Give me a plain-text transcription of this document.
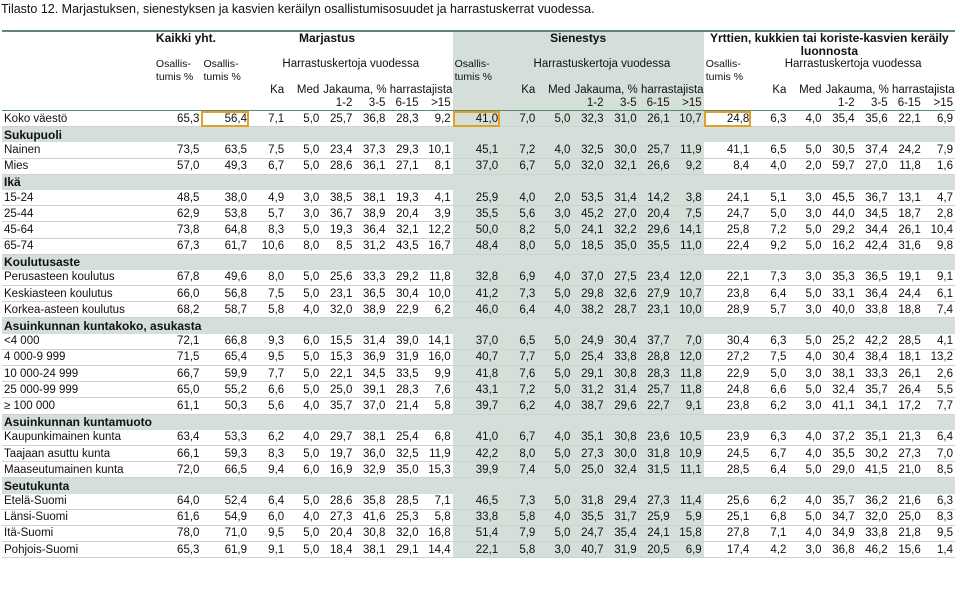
Tilasto 12. Marjastuksen, sienestyksen ja kasvien keräilyn osallistumisosuudet ja harrastuskerrat vuodessa.
	Kaikki yht.	Marjastus							Sienestys							Yrttien, kukkien tai koriste-kasvien keräily luonnosta						
	Osallis-tumis %	Osallis-tumis %	Harrastuskertoja vuodessa						Osallis-tumis %	Harrastuskertoja vuodessa						Osallis-tumis %	Harrastuskertoja vuodessa					
			Ka	Med	Jakauma, % harrastajista					Ka	Med	Jakauma, % harrastajista					Ka	Med	Jakauma, % harrastajista			
					1-2	3-5	6-15	>15				1-2	3-5	6-15	>15				1-2	3-5	6-15	>15
Koko väestö	65,3	56,4	7,1	5,0	25,7	36,8	28,3	9,2	41,0	7,0	5,0	32,3	31,0	26,1	10,7	24,8	6,3	4,0	35,4	35,6	22,1	6,9
Sukupuoli																						
Nainen	73,5	63,5	7,5	5,0	23,4	37,3	29,3	10,1	45,1	7,2	4,0	32,5	30,0	25,7	11,9	41,1	6,5	5,0	30,5	37,4	24,2	7,9
Mies	57,0	49,3	6,7	5,0	28,6	36,1	27,1	8,1	37,0	6,7	5,0	32,0	32,1	26,6	9,2	8,4	4,0	2,0	59,7	27,0	11,8	1,6
Ikä																						
15-24	48,5	38,0	4,9	3,0	38,5	38,1	19,3	4,1	25,9	4,0	2,0	53,5	31,4	14,2	3,8	24,1	5,1	3,0	45,5	36,7	13,1	4,7
25-44	62,9	53,8	5,7	3,0	36,7	38,9	20,4	3,9	35,5	5,6	3,0	45,2	27,0	20,4	7,5	24,7	5,0	3,0	44,0	34,5	18,7	2,8
45-64	73,8	64,8	8,3	5,0	19,3	36,4	32,1	12,2	50,0	8,2	5,0	24,1	32,2	29,6	14,1	25,8	7,2	5,0	29,2	34,4	26,1	10,4
65-74	67,3	61,7	10,6	8,0	8,5	31,2	43,5	16,7	48,4	8,0	5,0	18,5	35,0	35,5	11,0	22,4	9,2	5,0	16,2	42,4	31,6	9,8
Koulutusaste																						
Perusasteen koulutus	67,8	49,6	8,0	5,0	25,6	33,3	29,2	11,8	32,8	6,9	4,0	37,0	27,5	23,4	12,0	22,1	7,3	3,0	35,3	36,5	19,1	9,1
Keskiasteen koulutus	66,0	56,8	7,5	5,0	23,1	36,5	30,4	10,0	41,2	7,3	5,0	29,8	32,6	27,9	10,7	23,8	6,4	5,0	33,1	36,4	24,4	6,1
Korkea-asteen koulutus	68,2	58,7	5,8	4,0	32,0	38,9	22,9	6,2	46,0	6,4	4,0	38,2	28,7	23,1	10,0	28,9	5,7	3,0	40,0	33,8	18,8	7,4
Asuinkunnan kuntakoko, asukasta																						
<4 000	72,1	66,8	9,3	6,0	15,5	31,4	39,0	14,1	37,0	6,5	5,0	24,9	30,4	37,7	7,0	30,4	6,3	5,0	25,2	42,2	28,5	4,1
4 000-9 999	71,5	65,4	9,5	5,0	15,3	36,9	31,9	16,0	40,7	7,7	5,0	25,4	33,8	28,8	12,0	27,2	7,5	4,0	30,4	38,4	18,1	13,2
10 000-24 999	66,7	59,9	7,7	5,0	22,1	34,5	33,5	9,9	41,8	7,6	5,0	29,1	30,8	28,3	11,8	22,9	5,0	3,0	38,1	33,3	26,1	2,6
25 000-99 999	65,0	55,2	6,6	5,0	25,0	39,1	28,3	7,6	43,1	7,2	5,0	31,2	31,4	25,7	11,8	24,8	6,6	5,0	32,4	35,7	26,4	5,5
≥ 100 000	61,1	50,3	5,6	4,0	35,7	37,0	21,4	5,8	39,7	6,2	4,0	38,7	29,6	22,7	9,1	23,8	6,2	3,0	41,1	34,1	17,2	7,7
Asuinkunnan kuntamuoto																						
Kaupunkimainen kunta	63,4	53,3	6,2	4,0	29,7	38,1	25,4	6,8	41,0	6,7	4,0	35,1	30,8	23,6	10,5	23,9	6,3	4,0	37,2	35,1	21,3	6,4
Taajaan asuttu kunta	66,1	59,3	8,3	5,0	19,7	36,0	32,5	11,9	42,2	8,0	5,0	27,3	30,0	31,8	10,9	24,5	6,7	4,0	35,5	30,2	27,3	7,0
Maaseutumainen kunta	72,0	66,5	9,4	6,0	16,9	32,9	35,0	15,3	39,9	7,4	5,0	25,0	32,4	31,5	11,1	28,5	6,4	5,0	29,0	41,5	21,0	8,5
Seutukunta																						
Etelä-Suomi	64,0	52,4	6,4	5,0	28,6	35,8	28,5	7,1	46,5	7,3	5,0	31,8	29,4	27,3	11,4	25,6	6,2	4,0	35,7	36,2	21,6	6,3
Länsi-Suomi	61,6	54,9	6,0	4,0	27,3	41,6	25,3	5,8	33,8	5,8	4,0	35,5	31,7	25,9	5,9	25,1	6,8	5,0	34,7	32,0	25,0	8,3
Itä-Suomi	78,0	71,0	9,5	5,0	20,4	30,8	32,0	16,8	51,4	7,9	5,0	24,7	35,4	24,1	15,8	27,8	7,1	4,0	34,9	33,8	21,8	9,5
Pohjois-Suomi	65,3	61,9	9,1	5,0	18,4	38,1	29,1	14,4	22,1	5,8	3,0	40,7	31,9	20,5	6,9	17,4	4,2	3,0	36,8	46,2	15,6	1,4
